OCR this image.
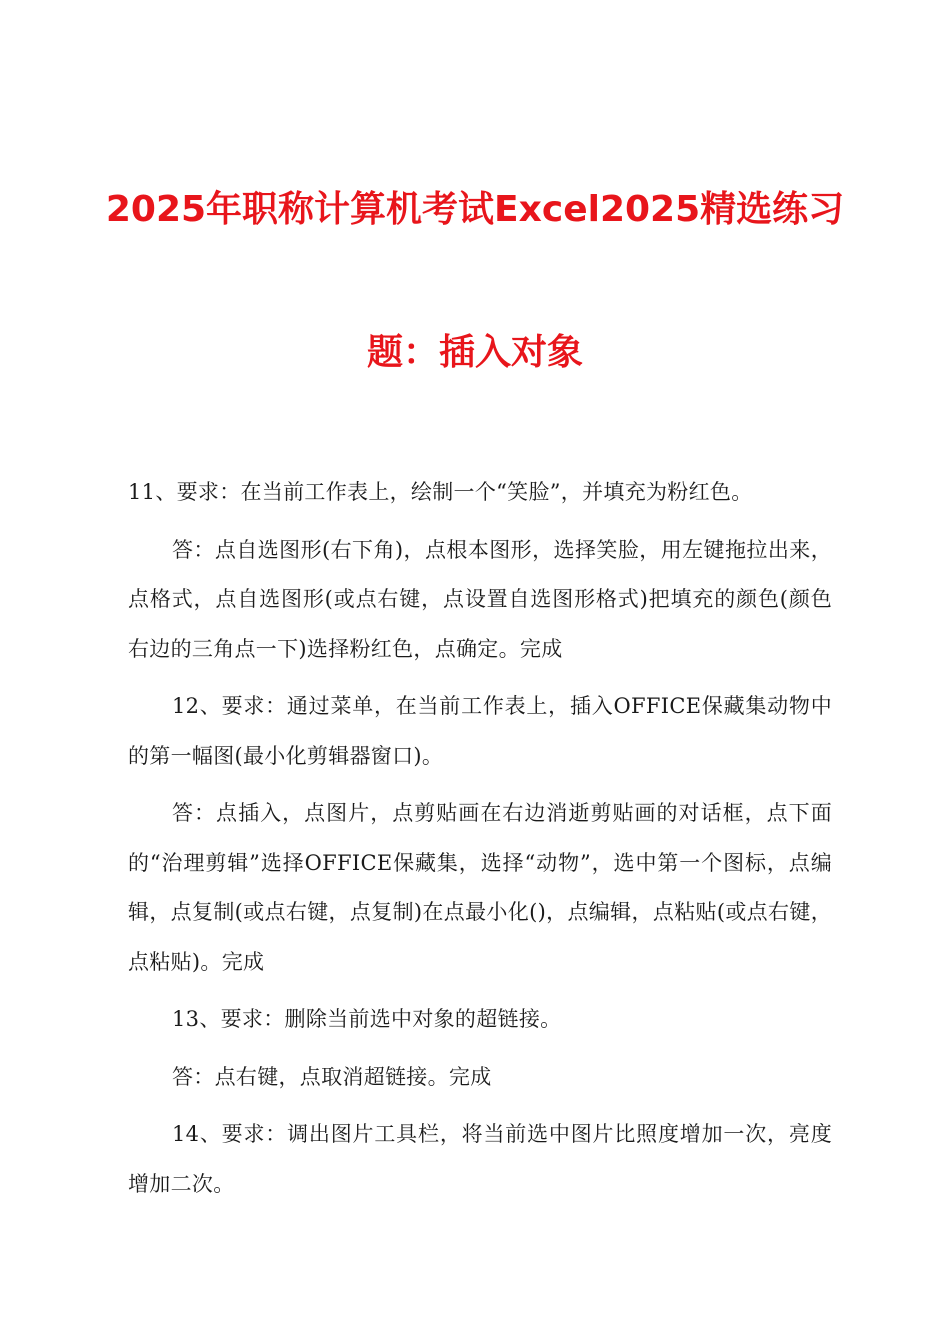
2025年职称计算机考试Excel2025精选练习
题：插入对象

11、要求：在当前工作表上，绘制一个“笑脸”，并填充为粉红色。

答：点自选图形(右下角)，点根本图形，选择笑脸，用左键拖拉出来，点格式，点自选图形(或点右键，点设置自选图形格式)把填充的颜色(颜色右边的三角点一下)选择粉红色，点确定。完成

12、要求：通过菜单，在当前工作表上，插入OFFICE保藏集动物中的第一幅图(最小化剪辑器窗口)。

答：点插入，点图片，点剪贴画在右边消逝剪贴画的对话框，点下面的“治理剪辑”选择OFFICE保藏集，选择“动物”，选中第一个图标，点编辑，点复制(或点右键，点复制)在点最小化()，点编辑，点粘贴(或点右键，点粘贴)。完成

13、要求：删除当前选中对象的超链接。

答：点右键，点取消超链接。完成

14、要求：调出图片工具栏，将当前选中图片比照度增加一次，亮度增加二次。
